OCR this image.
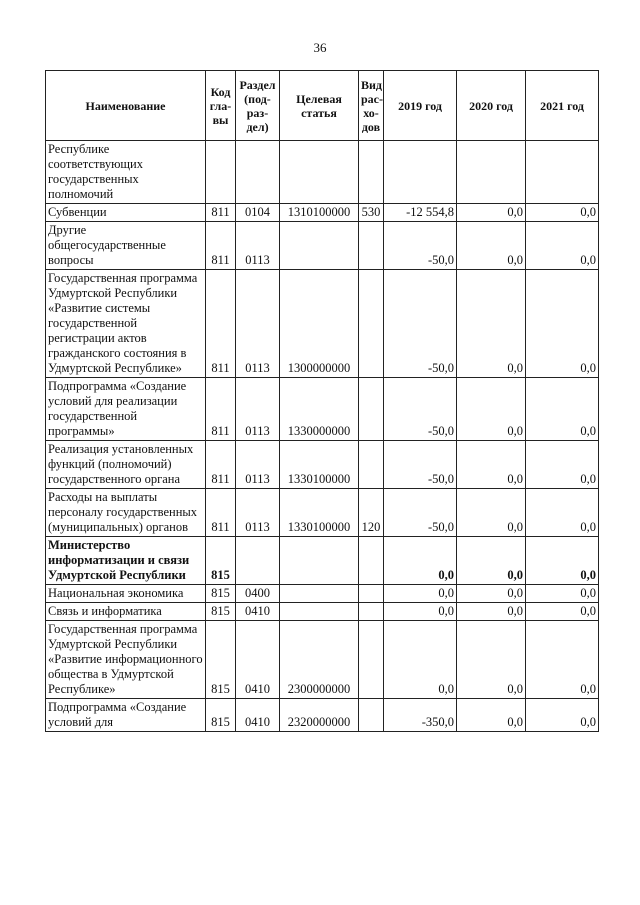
36
Наименование	Код гла- вы	Раздел (под- раз- дел)	Целевая статья	Вид рас- хо- дов	2019 год	2020 год	2021 год
Республике соответствующих государственных полномочий							
Субвенции	811	0104	1310100000	530	-12 554,8	0,0	0,0
Другие общегосударственные вопросы	811	0113			-50,0	0,0	0,0
Государственная программа Удмуртской Республики «Развитие системы государственной регистрации актов гражданского состояния в Удмуртской Республике»	811	0113	1300000000		-50,0	0,0	0,0
Подпрограмма «Создание условий для реализации государственной программы»	811	0113	1330000000		-50,0	0,0	0,0
Реализация установленных функций (полномочий) государственного органа	811	0113	1330100000		-50,0	0,0	0,0
Расходы на выплаты персоналу государственных (муниципальных) органов	811	0113	1330100000	120	-50,0	0,0	0,0
Министерство информатизации и связи Удмуртской Республики	815				0,0	0,0	0,0
Национальная экономика	815	0400			0,0	0,0	0,0
Связь и информатика	815	0410			0,0	0,0	0,0
Государственная программа Удмуртской Республики «Развитие информационного общества в Удмуртской Республике»	815	0410	2300000000		0,0	0,0	0,0
Подпрограмма «Создание условий для	815	0410	2320000000		-350,0	0,0	0,0
